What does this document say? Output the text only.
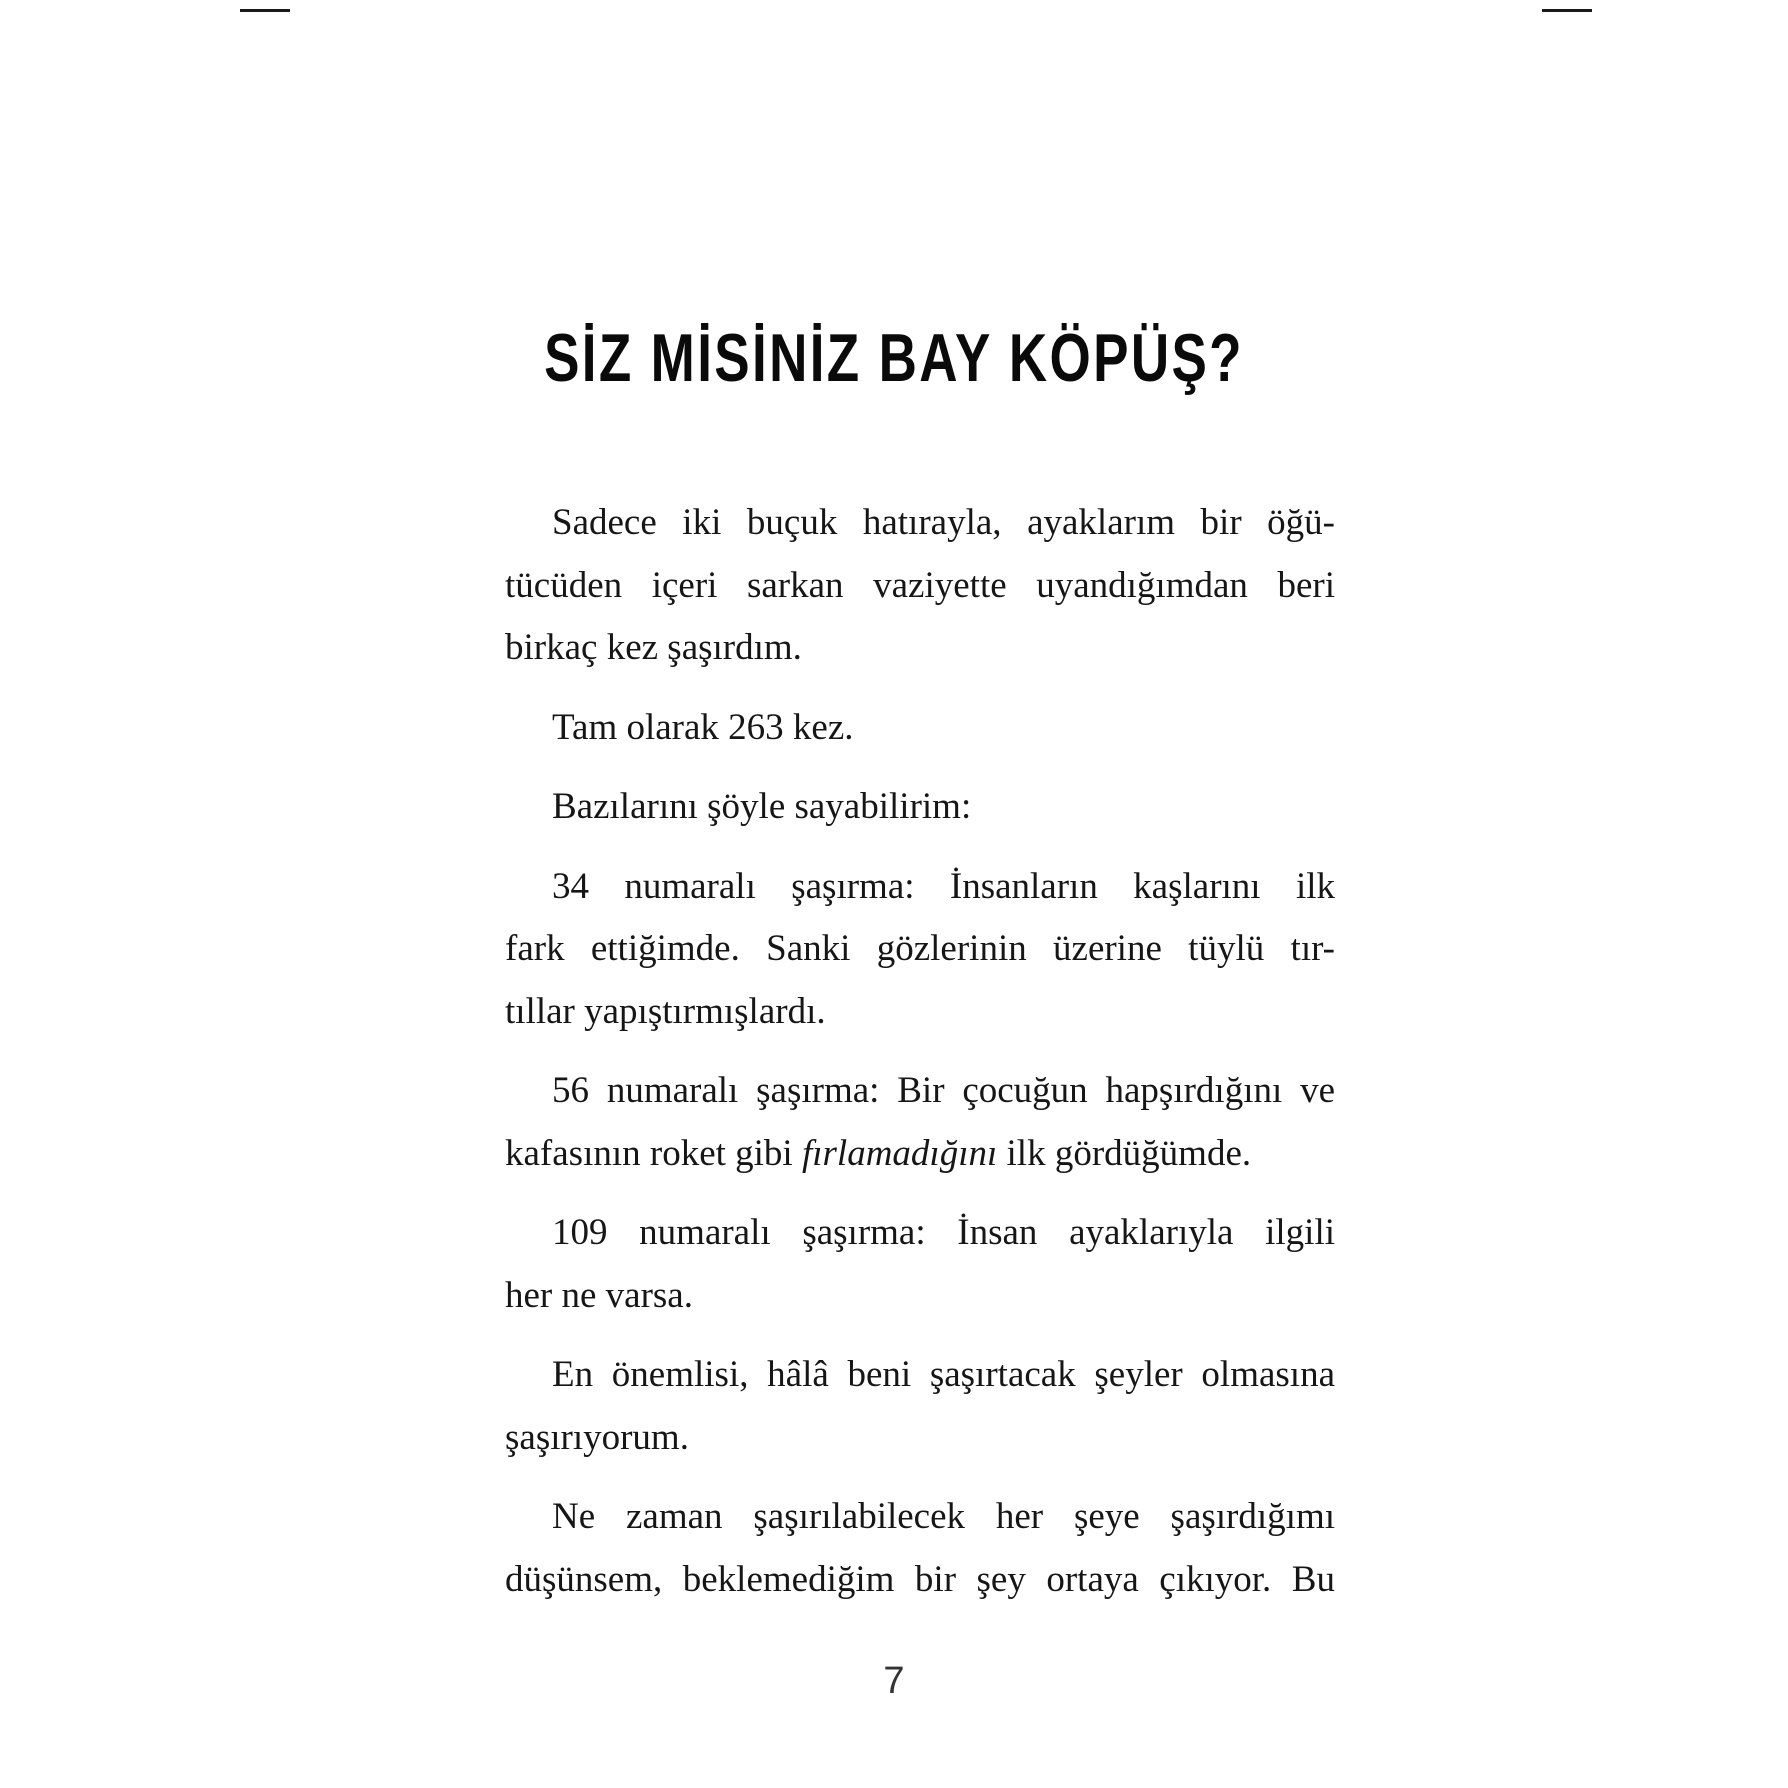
SİZ MİSİNİZ BAY KÖPÜŞ?
Sadece iki buçuk hatırayla, ayaklarım bir öğü-
tücüden içeri sarkan vaziyette uyandığımdan beri
birkaç kez şaşırdım.
Tam olarak 263 kez.
Bazılarını şöyle sayabilirim:
34 numaralı şaşırma: İnsanların kaşlarını ilk
fark ettiğimde. Sanki gözlerinin üzerine tüylü tır-
tıllar yapıştırmışlardı.
56 numaralı şaşırma: Bir çocuğun hapşırdığını ve
kafasının roket gibi fırlamadığını ilk gördüğümde.
109 numaralı şaşırma: İnsan ayaklarıyla ilgili
her ne varsa.
En önemlisi, hâlâ beni şaşırtacak şeyler olmasına
şaşırıyorum.
Ne zaman şaşırılabilecek her şeye şaşırdığımı
düşünsem, beklemediğim bir şey ortaya çıkıyor. Bu
7
